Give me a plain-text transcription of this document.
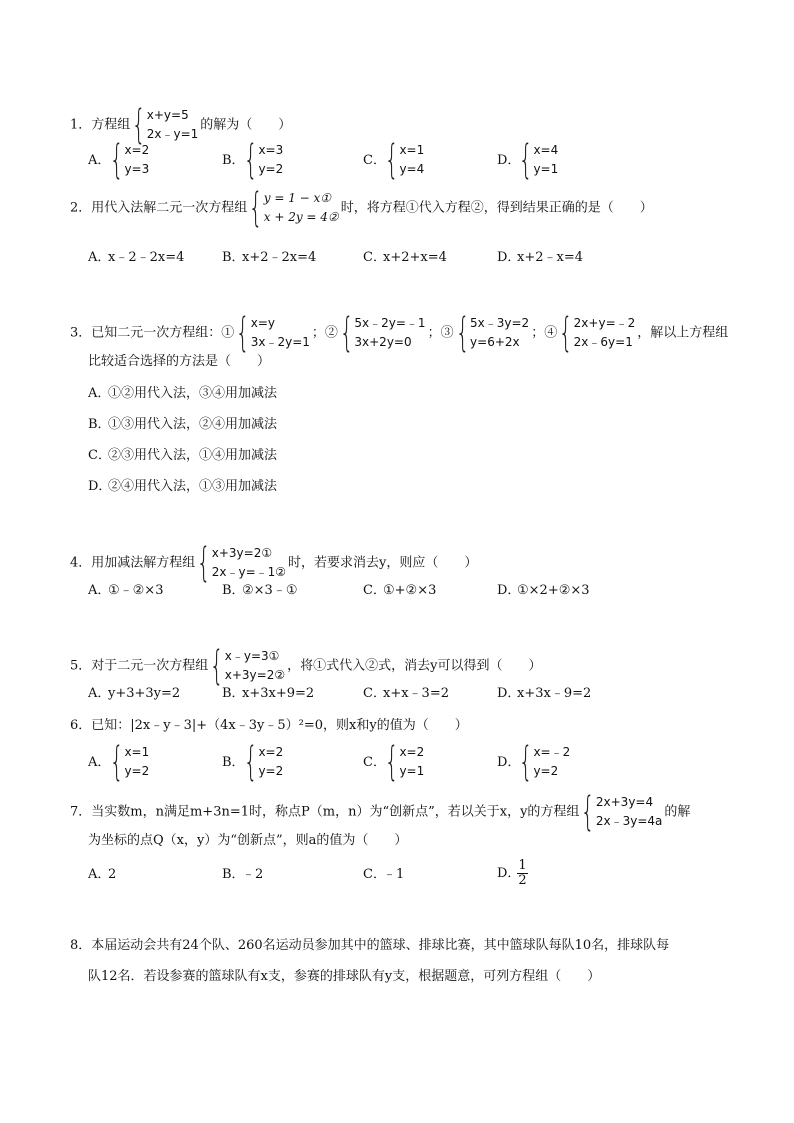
1．方程组 { x+y=5
2x﹣y=1
的解为（　　）
A． { x=2
y=3
B． { x=3
y=2
C．
{ x=1
y=4
D．
{ x=4
y=1
2．用代入法解二元一次方程组 { y = 1 − x①
x + 2y = 4②
时，将方程①代入方程②，得到结果正确的是（　　）
A．x﹣2﹣2x=4	B．x+2﹣2x=4	C．x+2+x=4	D．x+2﹣x=4
3．已知二元一次方程组：① { x=y
3x﹣2y=1
；② { 5x﹣2y=﹣1
3x+2y=0
；③ { 5x﹣3y=2
y=6+2x
；④ { 2x+y=﹣2
2x﹣6y=1
，解以上方程组
比较适合选择的方法是（　　）
A．①②用代入法，③④用加减法
B．①③用代入法，②④用加减法
C．②③用代入法，①④用加减法
D．②④用代入法，①③用加减法
4．用加减法解方程组 { x+3y=2①
2x﹣y=﹣1②
时，若要求消去y，则应（　　）
A．①﹣②×3	B．②×3﹣①	C．①+②×3	D．①×2+②×3
5．对于二元一次方程组 { x﹣y=3①
x+3y=2②
，将①式代入②式，消去y可以得到（　　）
A．y+3+3y=2	B．x+3x+9=2	C．x+x﹣3=2	D．x+3x﹣9=2
6．已知：|2x﹣y﹣3|+（4x﹣3y﹣5）²=0，则x和y的值为（　　）
A． { x=1
y=2
B． { x=2
y=2
C．
{ x=2
y=1
D．
{ x=﹣2
y=2
7．当实数m，n满足m+3n=1时，称点P（m，n）为“创新点”，若以关于x，y的方程组 { 2x+3y=4
2x﹣3y=4a
的解
为坐标的点Q（x，y）为“创新点”，则a的值为（　　）
A．2	B．﹣2	C．﹣1	D．
$\frac{1}{2}$
8．本届运动会共有24个队、260名运动员参加其中的篮球、排球比赛，其中篮球队每队10名，排球队每
队12名．若设参赛的篮球队有x支，参赛的排球队有y支，根据题意，可列方程组（　　）
